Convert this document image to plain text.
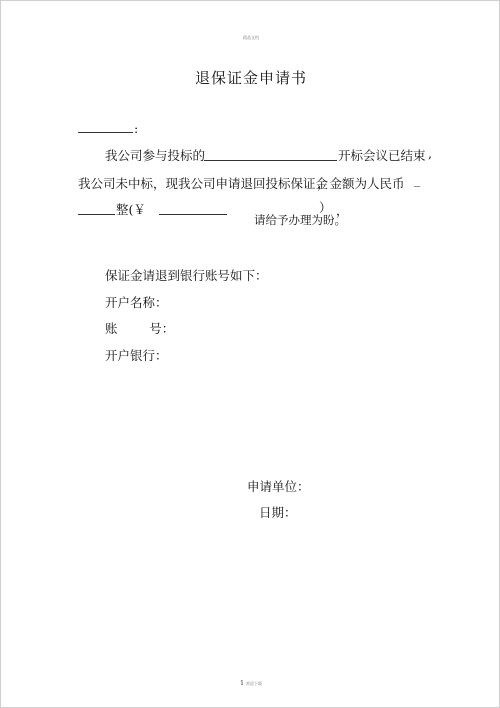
精品文档
退保证金申请书
:
我公司参与投标的	开标会议已结束 ,
我公司未中标，现我公司申请退回投标保证金
，金额为人民币 _
整(￥	） ，
请给予办理为盼。
保证金请退到银行账号如下：
开户名称：
账        号：
开户银行：
申请单位：
日期：
1 欢迎下载
